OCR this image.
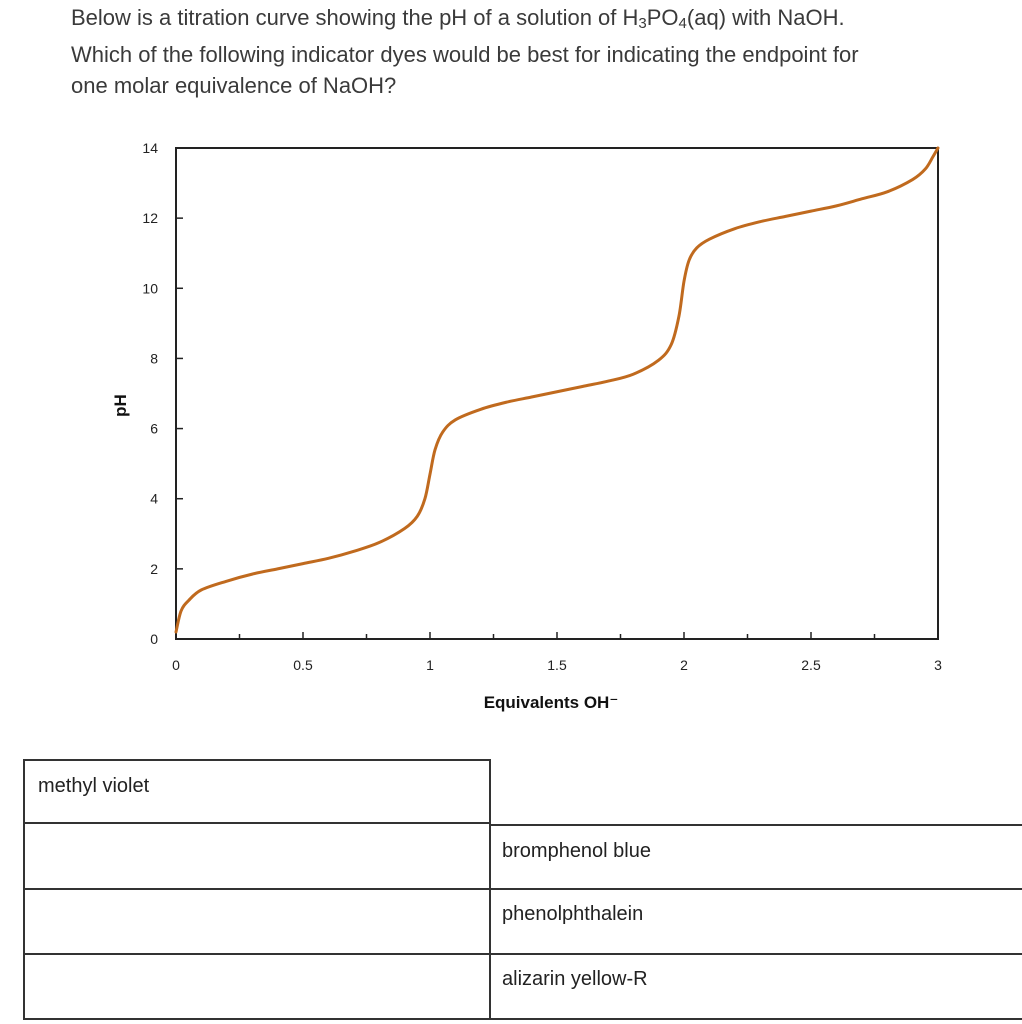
Below is a titration curve showing the pH of a solution of $H_3PO_4(aq)$ with NaOH.
Which of the following indicator dyes would be best for indicating the endpoint for
one molar equivalence of NaOH?
0
2
4
6
8
10
12
14
0	0.5	1	1.5	2	2.5	3
Equivalents OH⁻
pH
methyl violet
bromphenol blue
phenolphthalein
alizarin yellow-R
